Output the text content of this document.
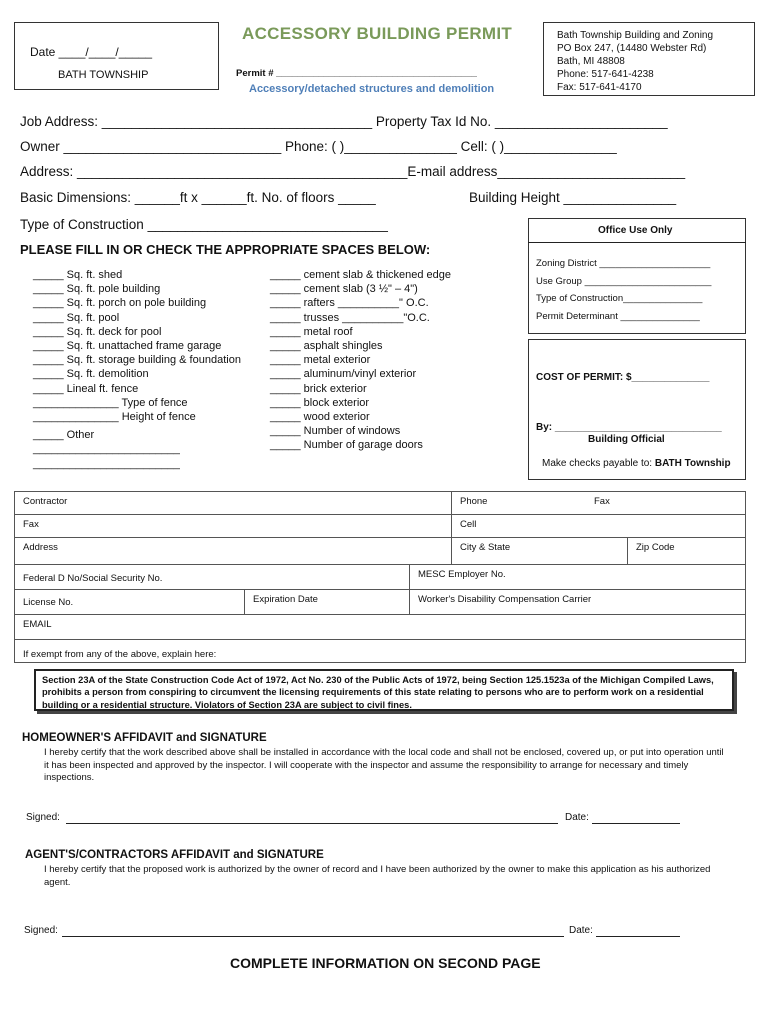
Date ____/____/_____
BATH TOWNSHIP
ACCESSORY BUILDING PERMIT
Permit # ______________________________________
Accessory/detached structures and demolition
Bath Township Building and Zoning
PO Box 247, (14480 Webster Rd)
Bath, MI 48808
Phone: 517-641-4238
Fax: 517-641-4170
Job Address: ____________________________________ Property Tax Id No. _______________________
Owner _____________________________ Phone: ( )_______________ Cell: ( )_______________
Address: ____________________________________________E-mail address_________________________
Basic Dimensions: ______ft x ______ft. No. of floors _____	Building Height _______________
Type of Construction ________________________________
PLEASE FILL IN OR CHECK THE APPROPRIATE SPACES BELOW:
_____ Sq. ft. shed
_____ Sq. ft. pole building
_____ Sq. ft. porch on pole building
_____ Sq. ft. pool
_____ Sq. ft. deck for pool
_____ Sq. ft. unattached frame garage
_____ Sq. ft. storage building & foundation
_____ Sq. ft. demolition
_____ Lineal ft. fence
______________ Type of fence
______________ Height of fence
_____ Other
________________________
________________________
_____ cement slab & thickened edge
_____ cement slab (3 ½" – 4")
_____ rafters __________" O.C.
_____ trusses __________"O.C.
_____ metal roof
_____ asphalt shingles
_____ metal exterior
_____ aluminum/vinyl exterior
_____ brick exterior
_____ block exterior
_____ wood exterior
_____ Number of windows
_____ Number of garage doors
Office Use Only
Zoning District _____________________
Use Group ________________________
Type of Construction_______________
Permit Determinant _______________
COST OF PERMIT: $______________
By: ______________________________
Building Official
Make checks payable to: BATH Township
Contractor	Phone	Fax
Fax	Cell
Address	City & State	Zip Code
Federal D No/Social Security No.	MESC Employer No.
License No.	Expiration Date	Worker's Disability Compensation Carrier
EMAIL
If exempt from any of the above, explain here:
Section 23A of the State Construction Code Act of 1972, Act No. 230 of the Public Acts of 1972, being Section 125.1523a of the Michigan Compiled Laws, prohibits a person from conspiring to circumvent the licensing requirements of this state relating to persons who are to perform work on a residential building or a residential structure. Violators of Section 23A are subject to civil fines.
HOMEOWNER'S AFFIDAVIT and SIGNATURE
I hereby certify that the work described above shall be installed in accordance with the local code and shall not be enclosed, covered up, or put into operation until it has been inspected and approved by the inspector. I will cooperate with the inspector and assume the responsibility to arrange for necessary and timely inspections.
Signed:	Date:
AGENT'S/CONTRACTORS AFFIDAVIT and SIGNATURE
I hereby certify that the proposed work is authorized by the owner of record and I have been authorized by the owner to make this application as his authorized agent.
Signed:	Date:
COMPLETE INFORMATION ON SECOND PAGE
